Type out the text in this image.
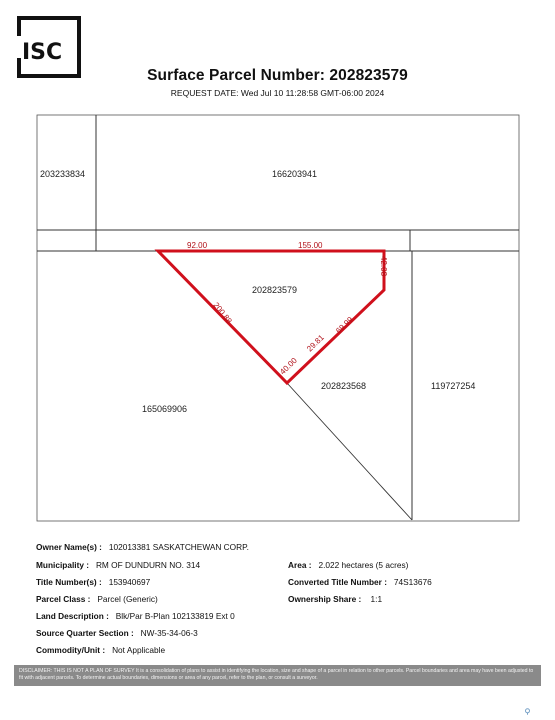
ISC
Surface Parcel Number: 202823579
REQUEST DATE: Wed Jul 10 11:28:58 GMT-06:00 2024
203233834	166203941
202823579
202823568	119727254
165069906
92.00	155.00
42.08
200.88	69.99
40.00
29.81
Owner Name(s) : 102013381 SASKATCHEWAN CORP.
Municipality : RM OF DUNDURN NO. 314	Area : 2.022 hectares (5 acres)
Title Number(s) : 153940697	Converted Title Number : 74S13676
Parcel Class : Parcel (Generic)	Ownership Share : 1:1
Land Description : Blk/Par B-Plan 102133819 Ext 0
Source Quarter Section : NW-35-34-06-3
Commodity/Unit : Not Applicable
DISCLAIMER: THIS IS NOT A PLAN OF SURVEY It is a consolidation of plans to assist in identifying the location, size and shape of a parcel in relation to other parcels. Parcel boundaries and area may have been adjusted to fit with adjacent parcels. To determine actual boundaries, dimensions or area of any parcel, refer to the plan, or consult a surveyor.
